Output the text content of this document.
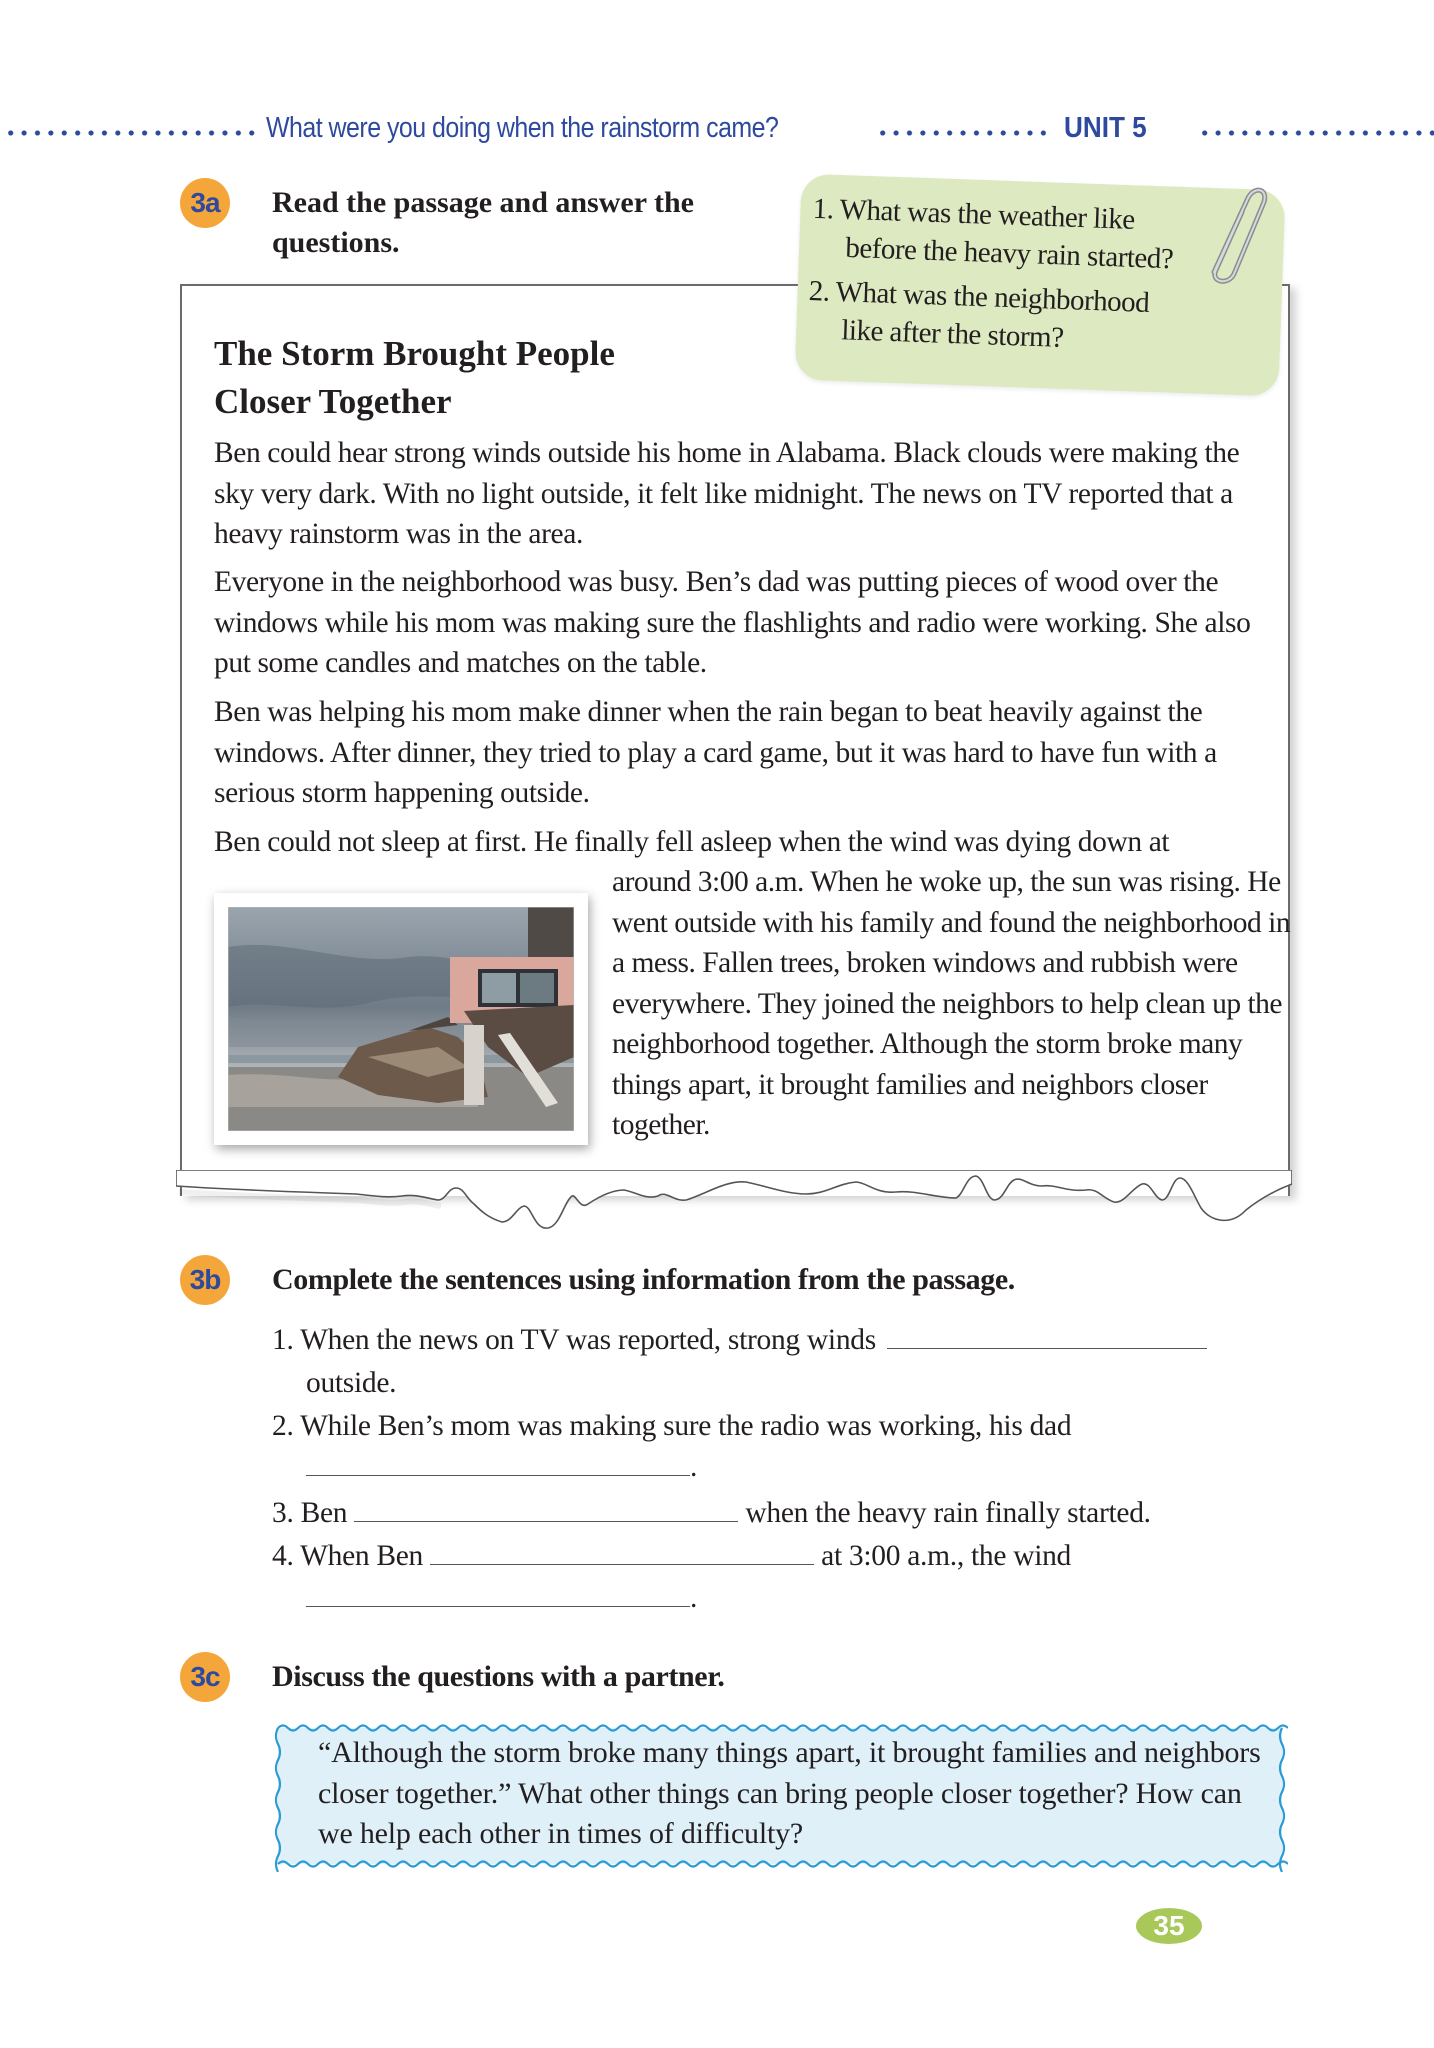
What were you doing when the rainstorm came?	UNIT 5
3a	Read the passage and answer the
questions.
The Storm Brought People
Closer Together

Ben could hear strong winds outside his home in Alabama. Black clouds were making the sky very dark. With no light outside, it felt like midnight. The news on TV reported that a heavy rainstorm was in the area.

Everyone in the neighborhood was busy. Ben’s dad was putting pieces of wood over the windows while his mom was making sure the flashlights and radio were working. She also put some candles and matches on the table.

Ben was helping his mom make dinner when the rain began to beat heavily against the windows. After dinner, they tried to play a card game, but it was hard to have fun with a serious storm happening outside.

Ben could not sleep at first. He finally fell asleep when the wind was dying down at

around 3:00 a.m. When he woke up, the sun was rising. He went outside with his family and found the neighborhood in a mess. Fallen trees, broken windows and rubbish were everywhere. They joined the neighbors to help clean up the neighborhood together. Although the storm broke many things apart, it brought families and neighbors closer together.

1. What was the weather like
before the heavy rain started?
2. What was the neighborhood
like after the storm?
3b	Complete the sentences using information from the passage.
1. When the news on TV was reported, strong winds
outside.
2. While Ben’s mom was making sure the radio was working, his dad
.
3. Ben	when the heavy rain finally started.
4. When Ben	at 3:00 a.m., the wind
.
3c	Discuss the questions with a partner.
“Although the storm broke many things apart, it brought families and neighbors closer together.” What other things can bring people closer together? How can we help each other in times of difficulty?
35
